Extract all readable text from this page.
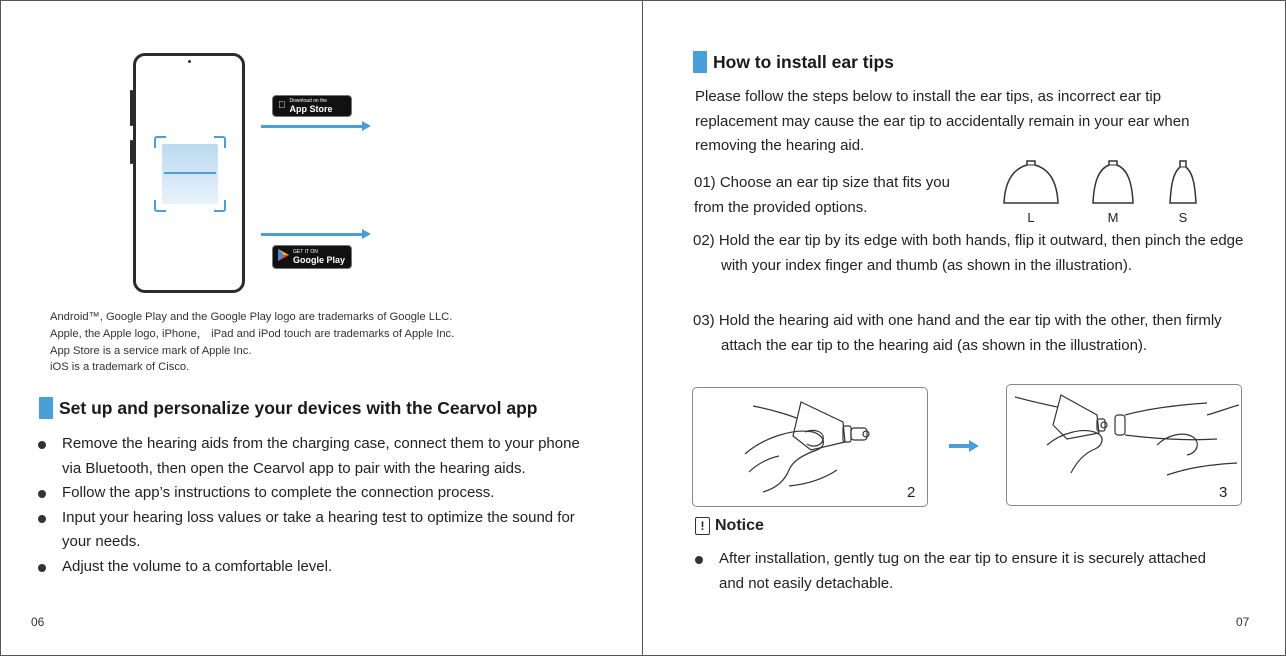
Download on the
App Store
GET IT ON
Google Play
Android™, Google Play and the Google Play logo are trademarks of Google LLC.
Apple, the Apple logo, iPhone， iPad and iPod touch are trademarks of Apple Inc.
App Store is a service mark of Apple Inc.
iOS is a trademark of Cisco.
Set up and personalize your devices with the Cearvol app
Remove the hearing aids from the charging case, connect them to your phone via Bluetooth, then open the Cearvol app to pair with the hearing aids.
Follow the app’s instructions to complete the connection process.
Input your hearing loss values or take a hearing test to optimize the sound for your needs.
Adjust the volume to a comfortable level.
06
How to install ear tips
Please follow the steps below to install the ear tips, as incorrect ear tip replacement may cause the ear tip to accidentally remain in your ear when removing the hearing aid.
01) Choose an ear tip size that fits you from the provided options.
L	M	S
02) Hold the ear tip by its edge with both hands, flip it outward, then pinch the edge with your index finger and thumb (as shown in the illustration).
03) Hold the hearing aid with one hand and the ear tip with the other, then firmly attach the ear tip to the hearing aid (as shown in the illustration).
2	3
! Notice
After installation, gently tug on the ear tip to ensure it is securely attached and not easily detachable.
07
